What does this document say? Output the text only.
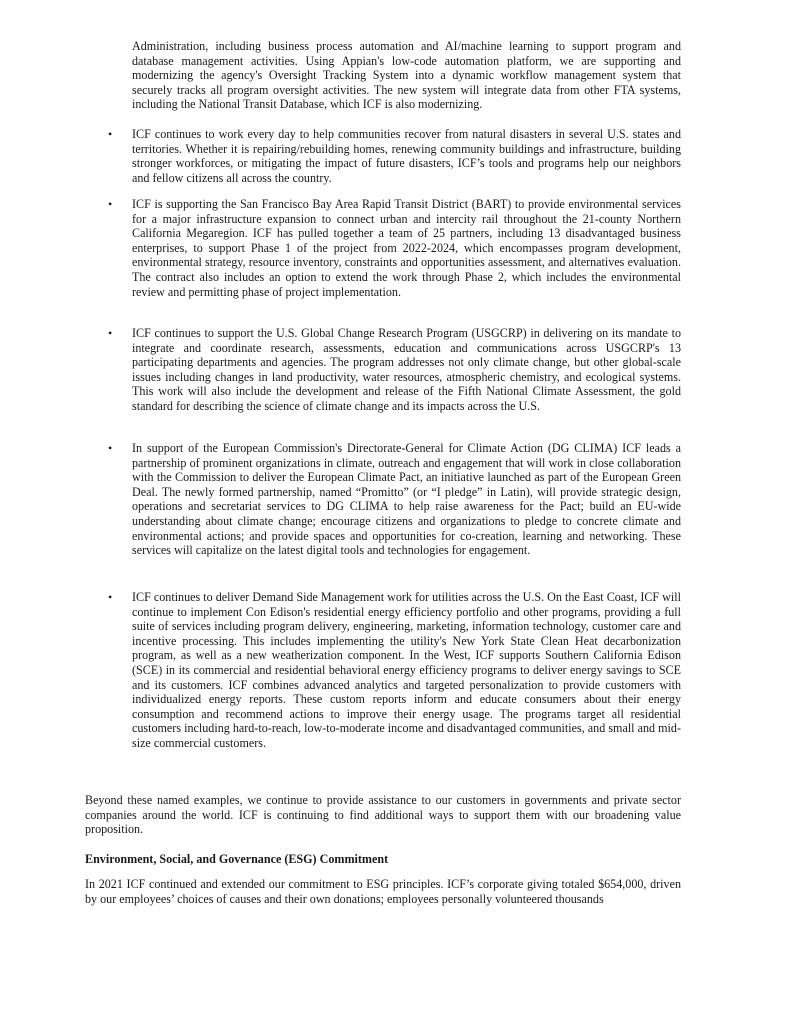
Administration, including business process automation and AI/machine learning to support program and database management activities. Using Appian's low-code automation platform, we are supporting and modernizing the agency's Oversight Tracking System into a dynamic workflow management system that securely tracks all program oversight activities. The new system will integrate data from other FTA systems, including the National Transit Database, which ICF is also modernizing.

• ICF continues to work every day to help communities recover from natural disasters in several U.S. states and territories. Whether it is repairing/rebuilding homes, renewing community buildings and infrastructure, building stronger workforces, or mitigating the impact of future disasters, ICF’s tools and programs help our neighbors and fellow citizens all across the country.

• ICF is supporting the San Francisco Bay Area Rapid Transit District (BART) to provide environmental services for a major infrastructure expansion to connect urban and intercity rail throughout the 21-county Northern California Megaregion. ICF has pulled together a team of 25 partners, including 13 disadvantaged business enterprises, to support Phase 1 of the project from 2022-2024, which encompasses program development, environmental strategy, resource inventory, constraints and opportunities assessment, and alternatives evaluation. The contract also includes an option to extend the work through Phase 2, which includes the environmental review and permitting phase of project implementation.

• ICF continues to support the U.S. Global Change Research Program (USGCRP) in delivering on its mandate to integrate and coordinate research, assessments, education and communications across USGCRP's 13 participating departments and agencies. The program addresses not only climate change, but other global-scale issues including changes in land productivity, water resources, atmospheric chemistry, and ecological systems. This work will also include the development and release of the Fifth National Climate Assessment, the gold standard for describing the science of climate change and its impacts across the U.S.

• In support of the European Commission's Directorate-General for Climate Action (DG CLIMA) ICF leads a partnership of prominent organizations in climate, outreach and engagement that will work in close collaboration with the Commission to deliver the European Climate Pact, an initiative launched as part of the European Green Deal. The newly formed partnership, named “Promitto” (or “I pledge” in Latin), will provide strategic design, operations and secretariat services to DG CLIMA to help raise awareness for the Pact; build an EU-wide understanding about climate change; encourage citizens and organizations to pledge to concrete climate and environmental actions; and provide spaces and opportunities for co-creation, learning and networking. These services will capitalize on the latest digital tools and technologies for engagement.

• ICF continues to deliver Demand Side Management work for utilities across the U.S. On the East Coast, ICF will continue to implement Con Edison's residential energy efficiency portfolio and other programs, providing a full suite of services including program delivery, engineering, marketing, information technology, customer care and incentive processing. This includes implementing the utility's New York State Clean Heat decarbonization program, as well as a new weatherization component. In the West, ICF supports Southern California Edison (SCE) in its commercial and residential behavioral energy efficiency programs to deliver energy savings to SCE and its customers. ICF combines advanced analytics and targeted personalization to provide customers with individualized energy reports. These custom reports inform and educate consumers about their energy consumption and recommend actions to improve their energy usage. The programs target all residential customers including hard-to-reach, low-to-moderate income and disadvantaged communities, and small and mid-size commercial customers.

Beyond these named examples, we continue to provide assistance to our customers in governments and private sector companies around the world. ICF is continuing to find additional ways to support them with our broadening value proposition.

Environment, Social, and Governance (ESG) Commitment

In 2021 ICF continued and extended our commitment to ESG principles. ICF’s corporate giving totaled $654,000, driven by our employees’ choices of causes and their own donations; employees personally volunteered thousands
